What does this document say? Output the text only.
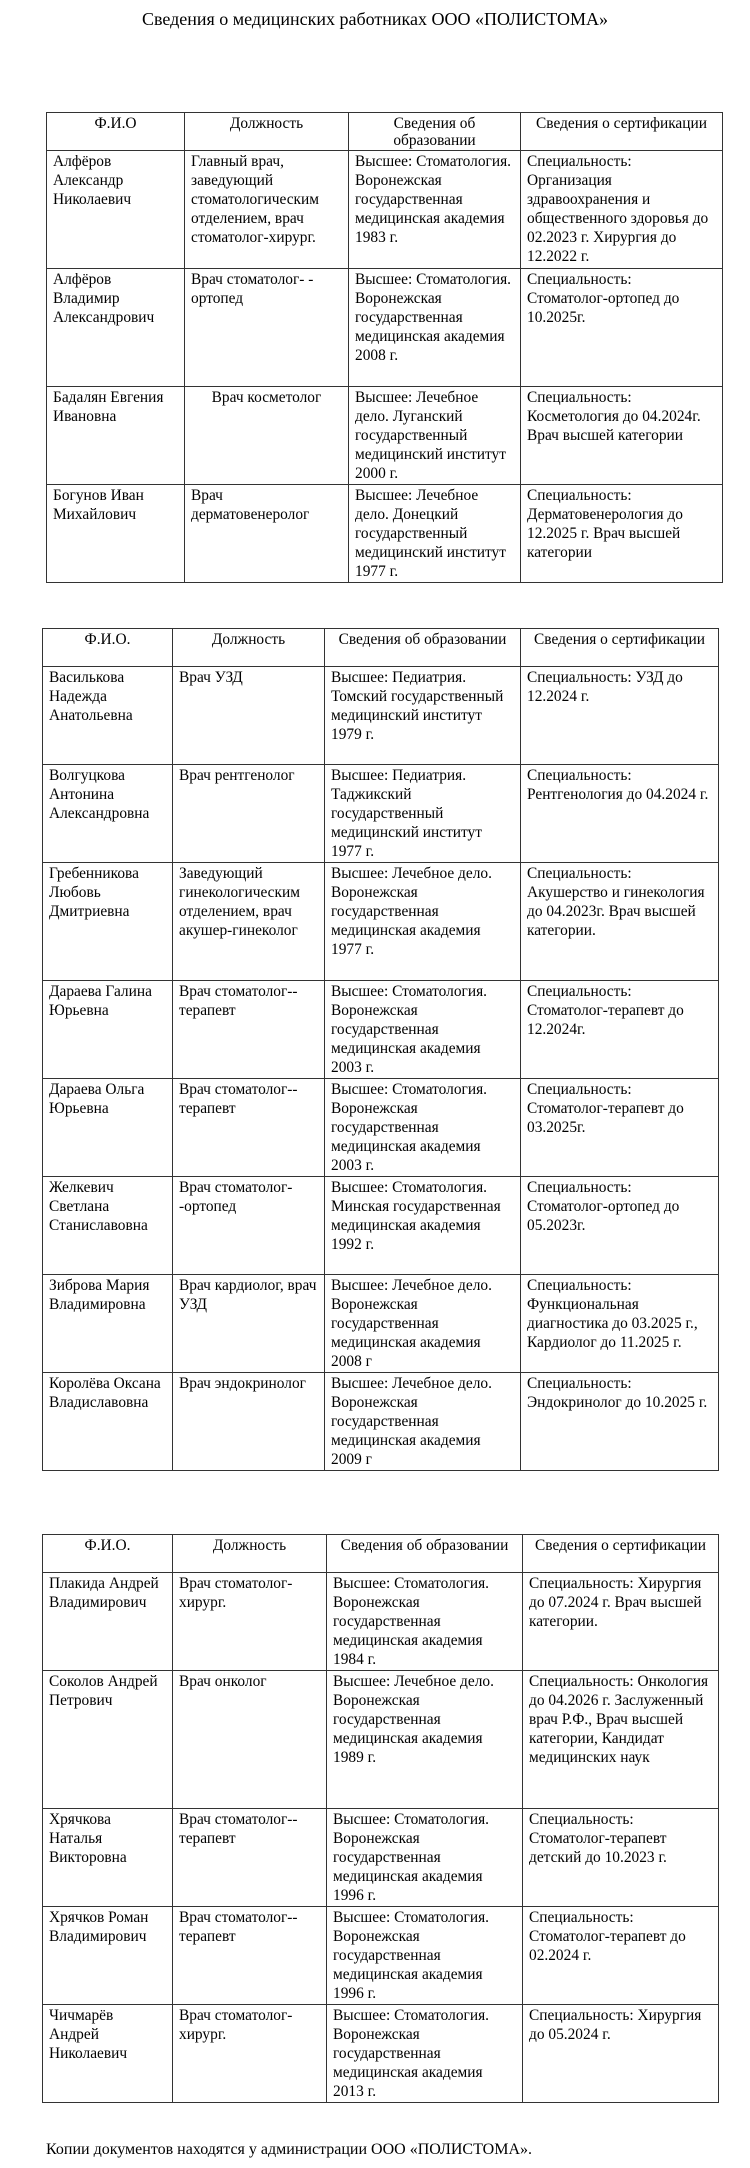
Сведения о медицинских работниках ООО «ПОЛИСТОМА»
Ф.И.О	Должность	Сведения об образовании	Сведения о сертификации
Алфёров Александр Николаевич	Главный врач, заведующий стоматологическим отделением, врач стоматолог-хирург.	Высшее: Стоматология. Воронежская государственная медицинская академия 1983 г.	Специальность: Организация здравоохранения и общественного здоровья до 02.2023 г. Хирургия до 12.2022 г.
Алфёров Владимир Александрович	Врач стоматолог- - ортопед	Высшее: Стоматология. Воронежская государственная медицинская академия 2008 г.	Специальность: Стоматолог-ортопед до 10.2025г.
Бадалян Евгения Ивановна	Врач косметолог	Высшее: Лечебное дело. Луганский государственный медицинский институт 2000 г.	Специальность: Косметология до 04.2024г. Врач высшей категории
Богунов Иван Михайлович	Врач дерматовенеролог	Высшее: Лечебное дело. Донецкий государственный медицинский институт 1977 г.	Специальность: Дерматовенерология до 12.2025 г. Врач высшей категории
Ф.И.О.	Должность	Сведения об образовании	Сведения о сертификации
Василькова Надежда Анатольевна	Врач УЗД	Высшее: Педиатрия. Томский государственный медицинский институт 1979 г.	Специальность: УЗД до 12.2024 г.
Волгуцкова Антонина Александровна	Врач рентгенолог	Высшее: Педиатрия. Таджикский государственный медицинский институт 1977 г.	Специальность: Рентгенология до 04.2024 г.
Гребенникова Любовь Дмитриевна	Заведующий гинекологическим отделением, врач акушер-гинеколог	Высшее: Лечебное дело. Воронежская государственная медицинская академия 1977 г.	Специальность: Акушерство и гинекология до 04.2023г. Врач высшей категории.
Дараева Галина Юрьевна	Врач стоматолог-- терапевт	Высшее: Стоматология. Воронежская государственная медицинская академия 2003 г.	Специальность: Стоматолог-терапевт до 12.2024г.
Дараева Ольга Юрьевна	Врач стоматолог-- терапевт	Высшее: Стоматология. Воронежская государственная медицинская академия 2003 г.	Специальность: Стоматолог-терапевт до 03.2025г.
Желкевич Светлана Станиславовна	Врач стоматолог- -ортопед	Высшее: Стоматология. Минская государственная медицинская академия 1992 г.	Специальность: Стоматолог-ортопед до 05.2023г.
Зиброва Мария Владимировна	Врач кардиолог, врач УЗД	Высшее: Лечебное дело. Воронежская государственная медицинская академия 2008 г	Специальность: Функциональная диагностика до 03.2025 г., Кардиолог до 11.2025 г.
Королёва Оксана Владиславовна	Врач эндокринолог	Высшее: Лечебное дело. Воронежская государственная медицинская академия 2009 г	Специальность: Эндокринолог до 10.2025 г.
Ф.И.О.	Должность	Сведения об образовании	Сведения о сертификации
Плакида Андрей Владимирович	Врач стоматолог- хирург.	Высшее: Стоматология. Воронежская государственная медицинская академия 1984 г.	Специальность: Хирургия до 07.2024 г. Врач высшей категории.
Соколов Андрей Петрович	Врач онколог	Высшее: Лечебное дело. Воронежская государственная медицинская академия 1989 г.	Специальность: Онкология до 04.2026 г. Заслуженный врач Р.Ф., Врач высшей категории, Кандидат медицинских наук
Хрячкова Наталья Викторовна	Врач стоматолог-- терапевт	Высшее: Стоматология. Воронежская государственная медицинская академия 1996 г.	Специальность: Стоматолог-терапевт детский до 10.2023 г.
Хрячков Роман Владимирович	Врач стоматолог-- терапевт	Высшее: Стоматология. Воронежская государственная медицинская академия 1996 г.	Специальность: Стоматолог-терапевт до 02.2024 г.
Чичмарёв Андрей Николаевич	Врач стоматолог- хирург.	Высшее: Стоматология. Воронежская государственная медицинская академия 2013 г.	Специальность: Хирургия до 05.2024 г.
Копии документов находятся у администрации ООО «ПОЛИСТОМА».
